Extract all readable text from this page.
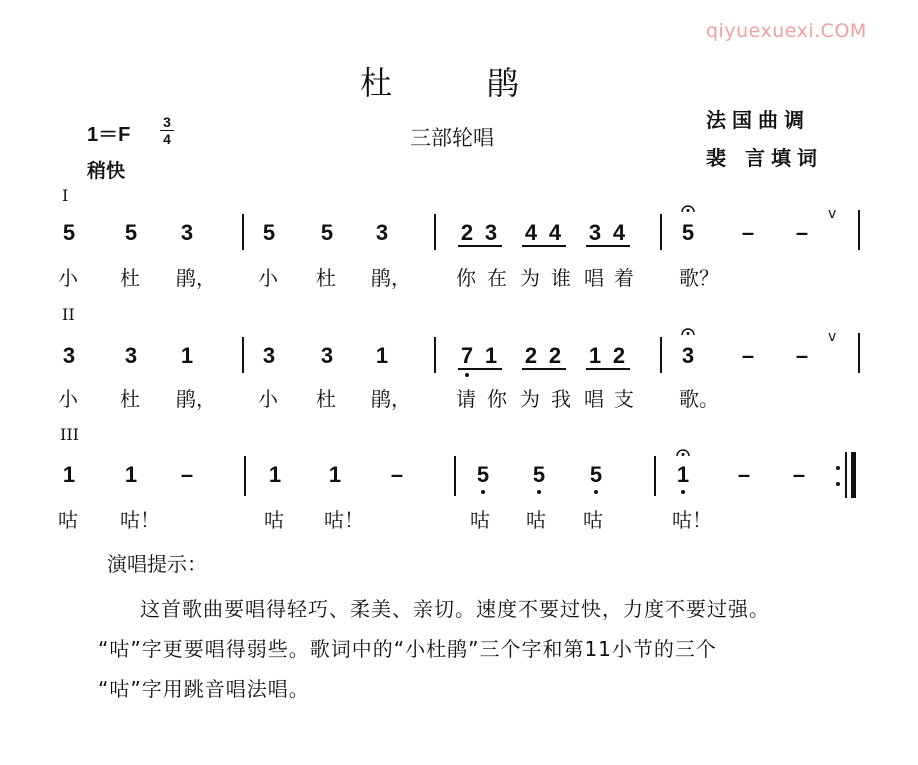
qiyuexuexi.COM
杜鹃
法国曲调
裴 言填词
1＝F
3
4
稍快
三部轮唱
I
5 5 3	5 5 3	2 3 4 4 3 4	5 – –
v
小 杜 鹃， 小 杜 鹃， 你 在 为 谁 唱 着 歌？
II
3 3 1	3 3 1	7 1 2 2 1 2	3 – –
v
小 杜 鹃， 小 杜 鹃， 请 你 为 我 唱 支 歌。
III
1 1 –	1 1 –	5 5 5	1 – –
咕 咕！	咕 咕！	咕 咕 咕	咕！
演唱提示：
这首歌曲要唱得轻巧、柔美、亲切。速度不要过快，力度不要过强。
“咕”字更要唱得弱些。歌词中的“小杜鹃”三个字和第11小节的三个
“咕”字用跳音唱法唱。
